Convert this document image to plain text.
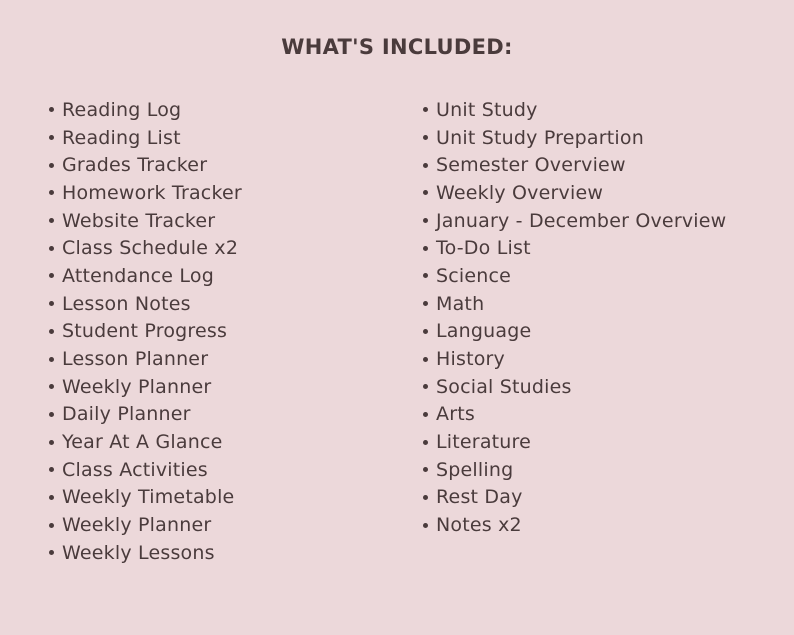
WHAT'S INCLUDED:
Reading Log
Reading List
Grades Tracker
Homework Tracker
Website Tracker
Class Schedule x2
Attendance Log
Lesson Notes
Student Progress
Lesson Planner
Weekly Planner
Daily Planner
Year At A Glance
Class Activities
Weekly Timetable
Weekly Planner
Weekly Lessons
Unit Study
Unit Study Prepartion
Semester Overview
Weekly Overview
January - December Overview
To-Do List
Science
Math
Language
History
Social Studies
Arts
Literature
Spelling
Rest Day
Notes x2
